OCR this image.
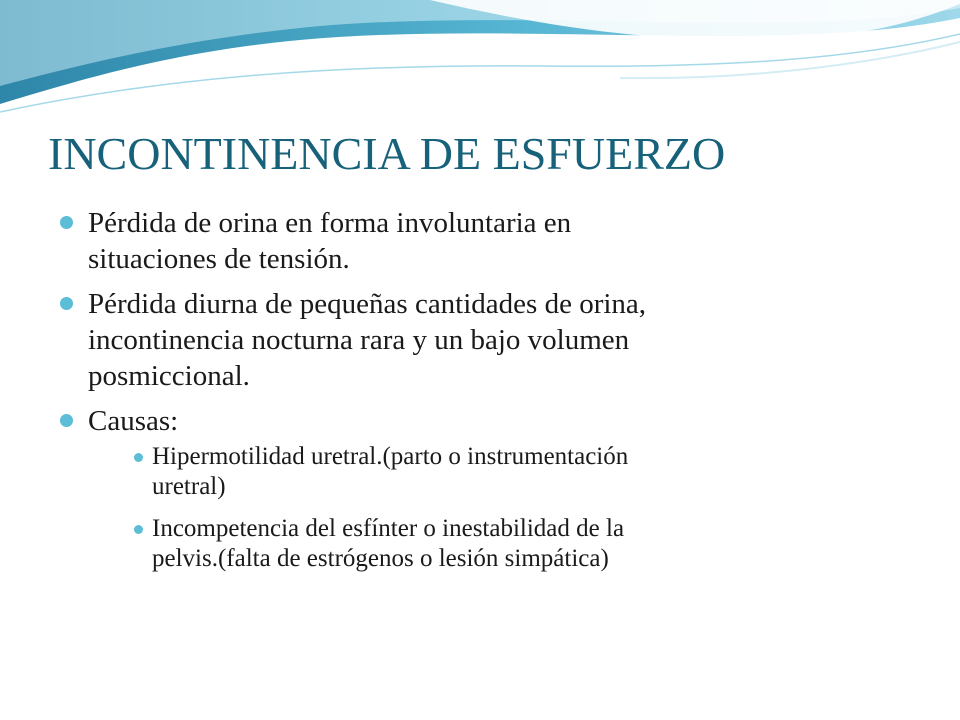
INCONTINENCIA DE ESFUERZO
Pérdida de orina en forma involuntaria en
situaciones de tensión.
Pérdida diurna de pequeñas cantidades de orina,
incontinencia nocturna rara y un bajo volumen
posmiccional.
Causas:
Hipermotilidad uretral.(parto o instrumentación
uretral)
Incompetencia del esfínter o inestabilidad de la
pelvis.(falta de estrógenos o lesión simpática)
